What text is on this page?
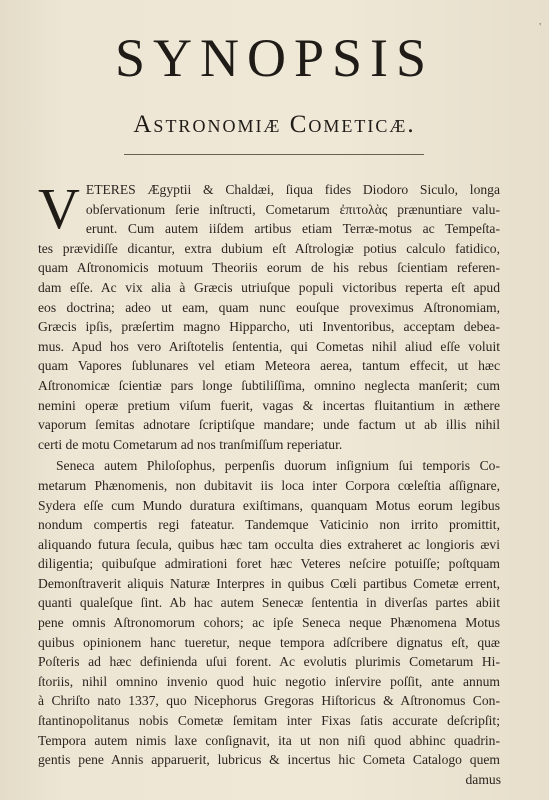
'
SYNOPSIS
Astronomiæ Cometicæ.
V ETERES Ægyptii & Chaldæi, ſiqua fides Diodoro Siculo, longa
obſervationum ſerie inſtructi, Cometarum ἐπιτολὰς prænuntiare valu-
erunt. Cum autem iiſdem artibus etiam Terræ-motus ac Tempeſta-
tes prævidiſſe dicantur, extra dubium eſt Aſtrologiæ potius calculo fatidico,
quam Aſtronomicis motuum Theoriis eorum de his rebus ſcientiam referen-
dam eſſe. Ac vix alia à Græcis utriuſque populi victoribus reperta eſt apud
eos doctrina; adeo ut eam, quam nunc eouſque proveximus Aſtronomiam,
Græcis ipſis, præſertim magno Hipparcho, uti Inventoribus, acceptam debea-
mus. Apud hos vero Ariſtotelis ſententia, qui Cometas nihil aliud eſſe voluit
quam Vapores ſublunares vel etiam Meteora aerea, tantum effecit, ut hæc
Aſtronomicæ ſcientiæ pars longe ſubtiliſſima, omnino neglecta manſerit; cum
nemini operæ pretium viſum fuerit, vagas & incertas fluitantium in æthere
vaporum ſemitas adnotare ſcriptiſque mandare; unde factum ut ab illis nihil
certi de motu Cometarum ad nos tranſmiſſum reperiatur.
Seneca autem Philoſophus, perpenſis duorum inſignium ſui temporis Co-
metarum Phænomenis, non dubitavit iis loca inter Corpora cœleſtia aſſignare,
Sydera eſſe cum Mundo duratura exiſtimans, quanquam Motus eorum legibus
nondum compertis regi fateatur. Tandemque Vaticinio non irrito promittit,
aliquando futura ſecula, quibus hæc tam occulta dies extraheret ac longioris ævi
diligentia; quibuſque admirationi foret hæc Veteres neſcire potuiſſe; poſtquam
Demonſtraverit aliquis Naturæ Interpres in quibus Cœli partibus Cometæ errent,
quanti qualeſque ſint. Ab hac autem Senecæ ſententia in diverſas partes abiit
pene omnis Aſtronomorum cohors; ac ipſe Seneca neque Phænomena Motus
quibus opinionem hanc tueretur, neque tempora adſcribere dignatus eſt, quæ
Poſteris ad hæc definienda uſui forent. Ac evolutis plurimis Cometarum Hi-
ſtoriis, nihil omnino invenio quod huic negotio inſervire poſſit, ante annum
à Chriſto nato 1337, quo Nicephorus Gregoras Hiſtoricus & Aſtronomus Con-
ſtantinopolitanus nobis Cometæ ſemitam inter Fixas ſatis accurate deſcripſit;
Tempora autem nimis laxe conſignavit, ita ut non niſi quod abhinc quadrin-
gentis pene Annis apparuerit, lubricus & incertus hic Cometa Catalogo quem
damus
